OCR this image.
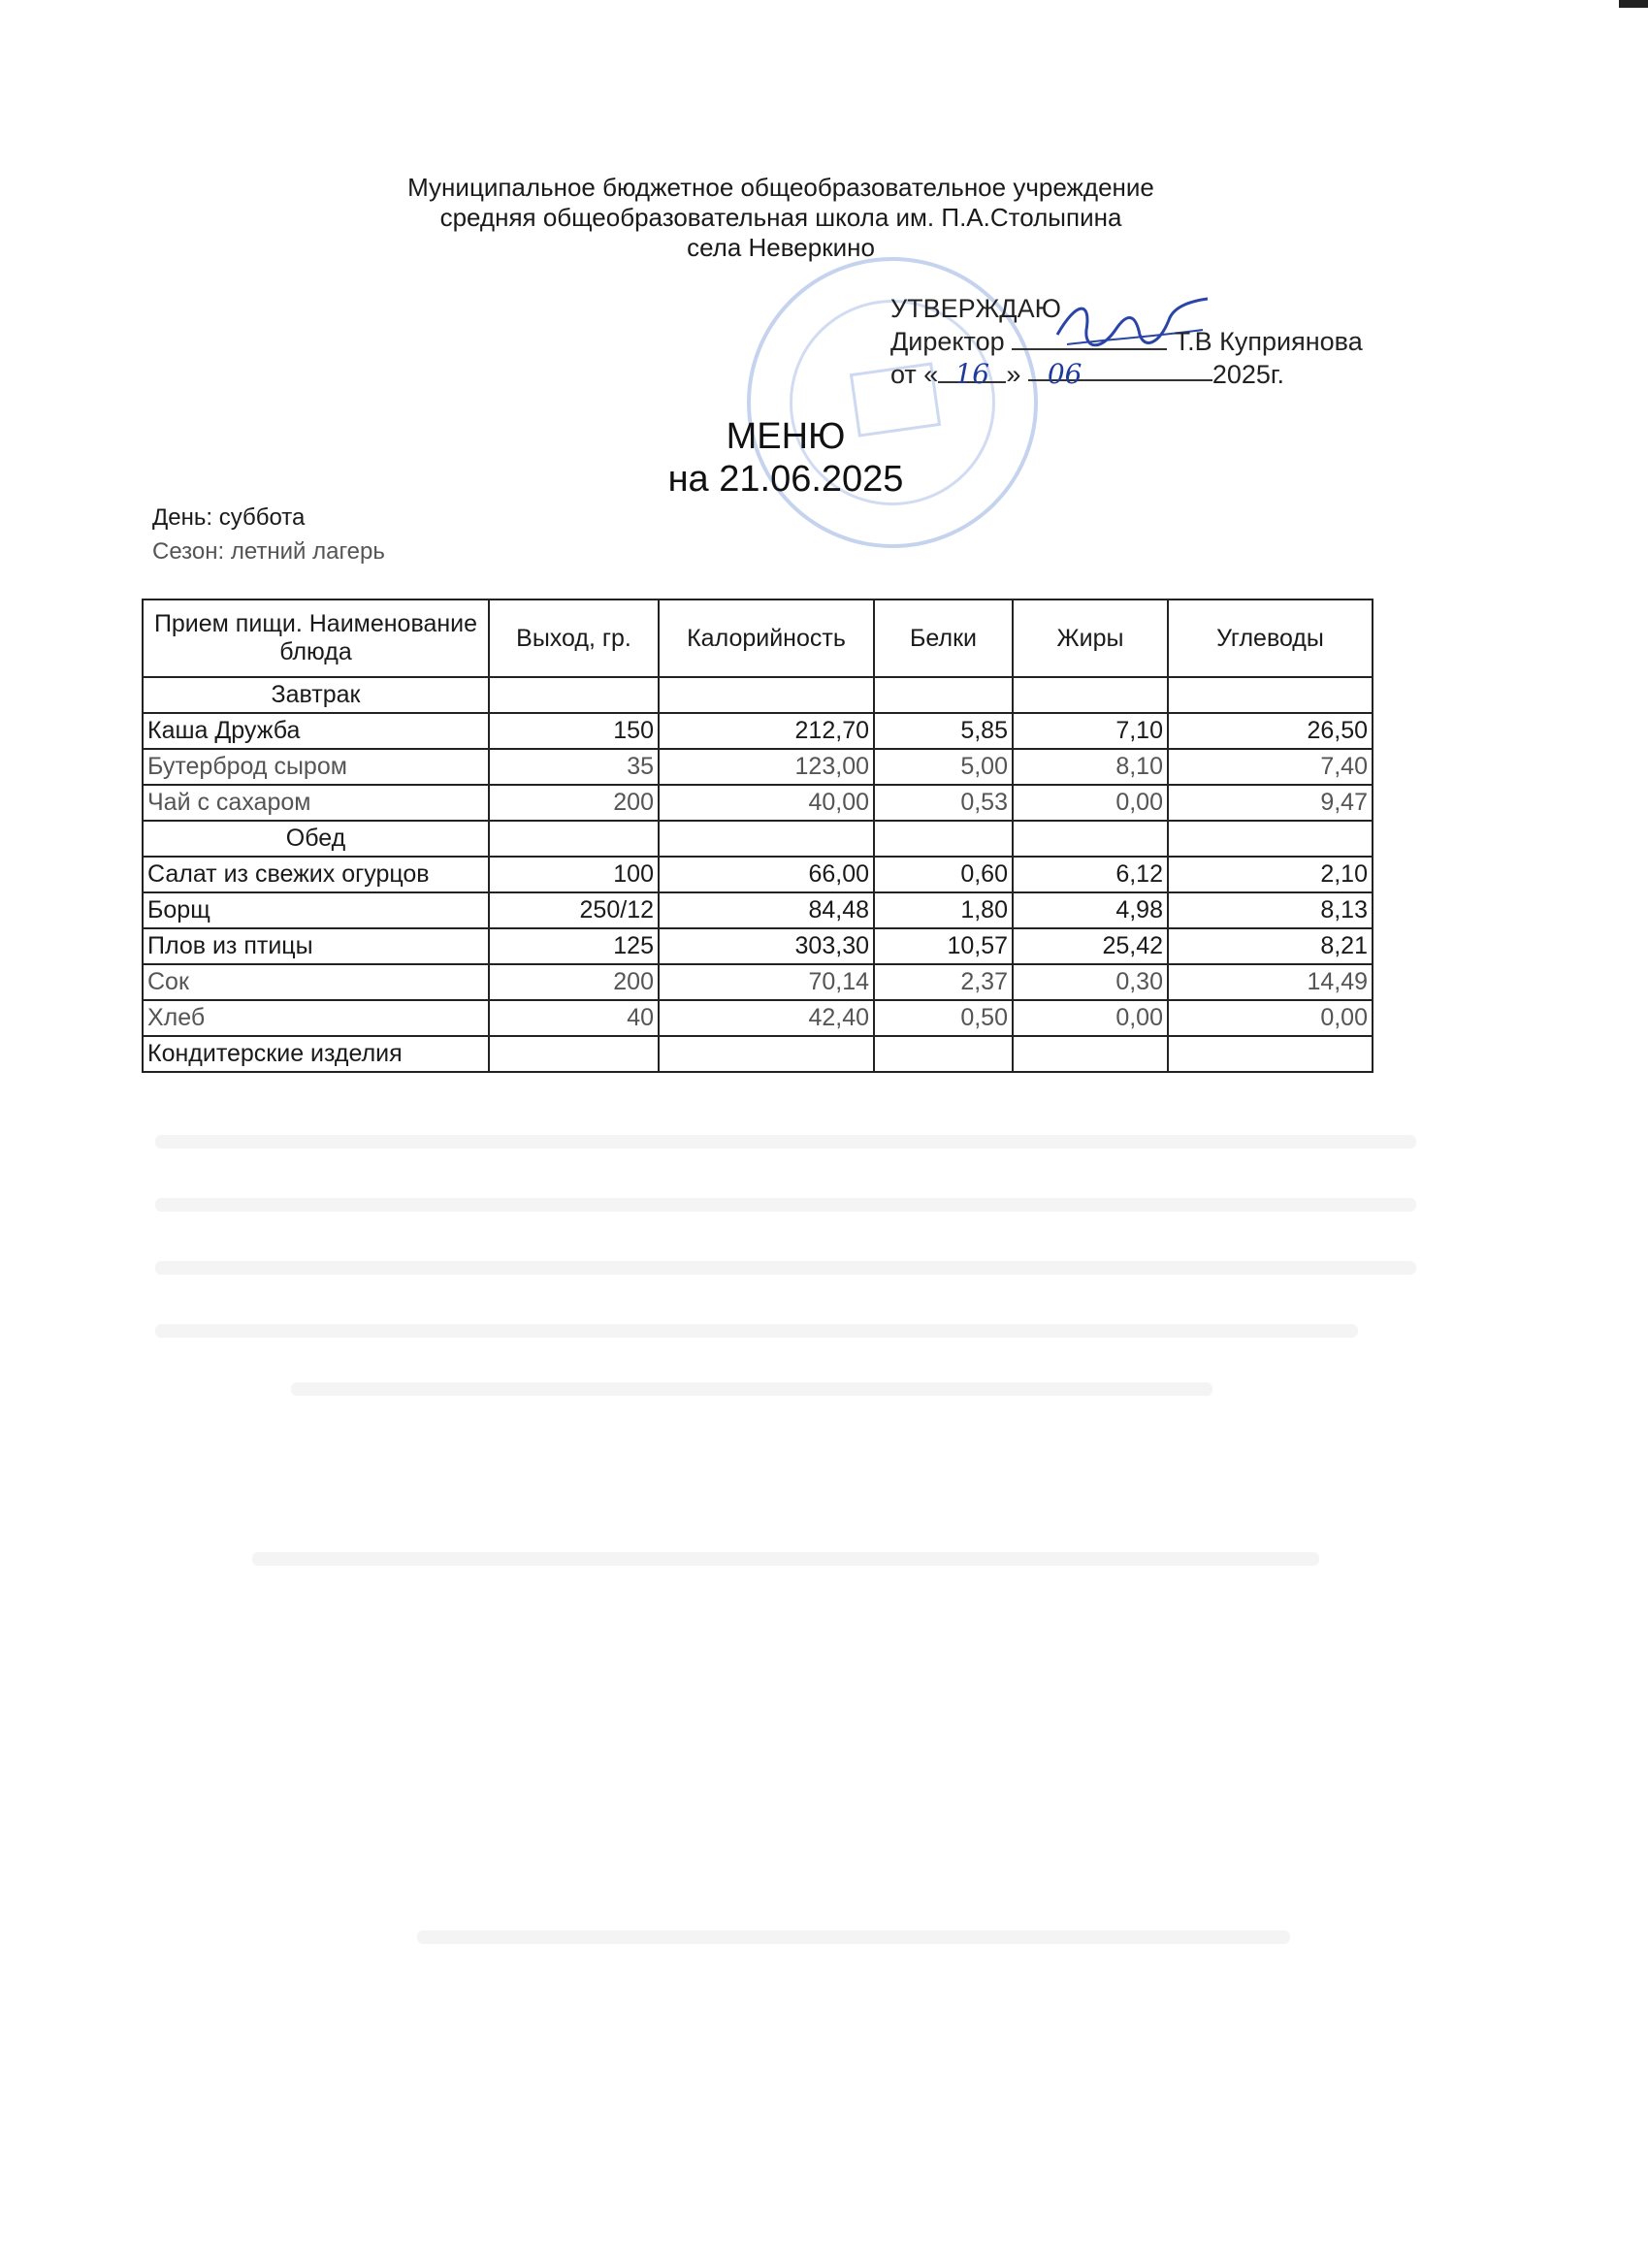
Муниципальное бюджетное общеобразовательное учреждение
средняя общеобразовательная школа им. П.А.Столыпина
села Неверкино
УТВЕРЖДАЮ
Директор	Т.В Куприянова
от « 16 » 06	2025г.
МЕНЮ
на 21.06.2025
День: суббота
Сезон: летний лагерь
Прием пищи. Наименование блюда	Выход, гр.	Калорийность	Белки	Жиры	Углеводы
Завтрак					
Каша Дружба	150	212,70	5,85	7,10	26,50
Бутерброд сыром	35	123,00	5,00	8,10	7,40
Чай с сахаром	200	40,00	0,53	0,00	9,47
Обед					
Салат из свежих огурцов	100	66,00	0,60	6,12	2,10
Борщ	250/12	84,48	1,80	4,98	8,13
Плов из птицы	125	303,30	10,57	25,42	8,21
Сок	200	70,14	2,37	0,30	14,49
Хлеб	40	42,40	0,50	0,00	0,00
Кондитерские изделия					
